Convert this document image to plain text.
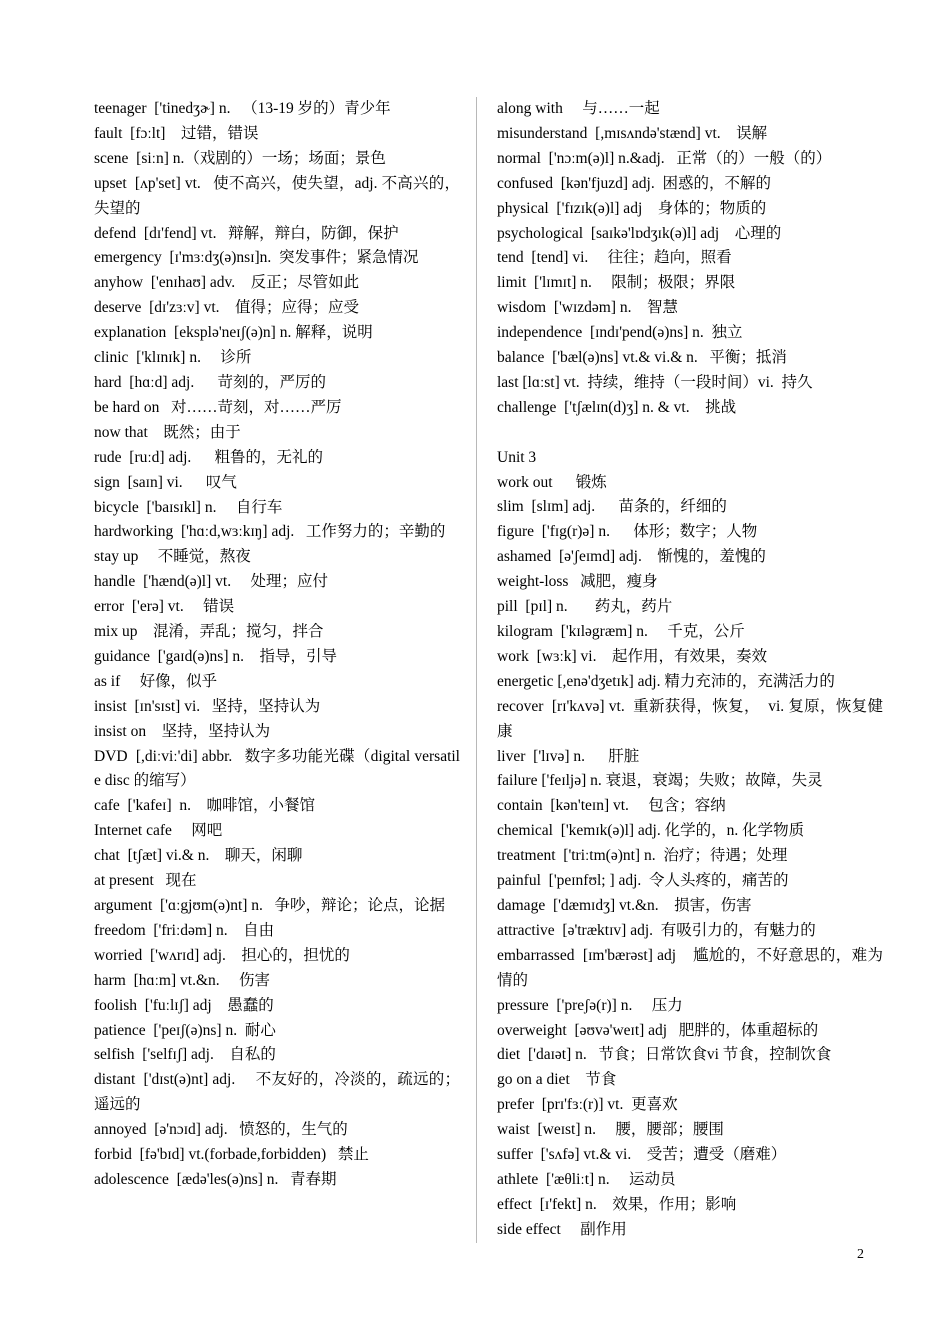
teenager  ['tinedʒɚ] n.   （13-19 岁的）青少年
fault  [fɔːlt]    过错，错误
scene  [siːn] n.（戏剧的）一场；场面；景色
upset  [ʌp'set] vt.   使不高兴，使失望，adj. 不高兴的，失望的
defend  [dɪ'fend] vt.   辩解，辩白，防御，保护
emergency  [ɪ'mɜːdʒ(ə)nsɪ]n.  突发事件；紧急情况
anyhow  ['enɪhaʊ] adv.    反正；尽管如此
deserve  [dɪ'zɜːv] vt.    值得；应得；应受
explanation  [eksplə'neɪʃ(ə)n] n. 解释，说明
clinic  ['klɪnɪk] n.     诊所
hard  [hɑːd] adj.      苛刻的，严厉的
be hard on   对……苛刻，对……严厉
now that    既然；由于
rude  [ruːd] adj.      粗鲁的，无礼的
sign  [saɪn] vi.      叹气
bicycle  ['baɪsɪkl] n.     自行车
hardworking  ['hɑːd,wɜːkɪŋ] adj.   工作努力的；辛勤的
stay up     不睡觉，熬夜
handle  ['hænd(ə)l] vt.     处理；应付
error  ['erə] vt.     错误
mix up    混淆，弄乱；搅匀，拌合
guidance  ['gaɪd(ə)ns] n.    指导，引导
as if     好像，似乎
insist  [ɪn'sɪst] vi.   坚持，坚持认为
insist on    坚持，坚持认为
DVD  [,diːviː'di] abbr.   数字多功能光碟（digital versatile disc 的缩写）
cafe  ['kafeɪ]  n.    咖啡馆，小餐馆
Internet cafe     网吧
chat  [tʃæt] vi.& n.    聊天，闲聊
at present   现在
argument  ['ɑːgjʊm(ə)nt] n.   争吵，辩论；论点，论据
freedom  ['friːdəm] n.    自由
worried  ['wʌrɪd] adj.    担心的，担忧的
harm  [hɑːm] vt.&n.     伤害
foolish  ['fuːlɪʃ] adj    愚蠢的
patience  ['peɪʃ(ə)ns] n.  耐心
selfish  ['selfɪʃ] adj.    自私的
distant  ['dɪst(ə)nt] adj.     不友好的，冷淡的，疏远的；遥远的
annoyed  [ə'nɔɪd] adj.   愤怒的，生气的
forbid  [fə'bɪd] vt.(forbade,forbidden)   禁止
adolescence  [ædə'les(ə)ns] n.   青春期
along with     与……一起
misunderstand  [,mɪsʌndə'stænd] vt.    误解
normal  ['nɔːm(ə)l] n.&adj.   正常（的）一般（的）
confused  [kən'fjuzd] adj.  困惑的，不解的
physical  ['fɪzɪk(ə)l] adj    身体的；物质的
psychological  [saɪkə'lɒdʒɪk(ə)l] adj    心理的
tend  [tend] vi.     往往；趋向，照看
limit  ['lɪmɪt] n.     限制；极限；界限
wisdom  ['wɪzdəm] n.    智慧
independence  [ɪndɪ'pend(ə)ns] n.  独立
balance  ['bæl(ə)ns] vt.& vi.& n.   平衡；抵消
last [lɑːst] vt.  持续，维持（一段时间）vi.  持久
challenge  ['tʃælɪn(d)ʒ] n. & vt.    挑战
Unit 3
work out      锻炼
slim  [slɪm] adj.      苗条的，纤细的
figure  ['fɪg(r)ə] n.      体形；数字；人物
ashamed  [ə'ʃeɪmd] adj.    惭愧的，羞愧的
weight-loss   减肥，瘦身
pill  [pɪl] n.       药丸，药片
kilogram  ['kɪləgræm] n.     千克，公斤
work  [wɜːk] vi.    起作用，有效果，奏效
energetic [,enə'dʒetɪk] adj. 精力充沛的，充满活力的
recover  [rɪ'kʌvə] vt.  重新获得，恢复，  vi. 复原，恢复健康
liver  ['lɪvə] n.      肝脏
failure ['feɪljə] n. 衰退，衰竭；失败；故障，失灵
contain  [kən'teɪn] vt.     包含；容纳
chemical  ['kemɪk(ə)l] adj. 化学的，n. 化学物质
treatment  ['triːtm(ə)nt] n.  治疗；待遇；处理
painful  ['peɪnfʊl; ] adj.  令人头疼的，痛苦的
damage  ['dæmɪdʒ] vt.&n.    损害，伤害
attractive  [ə'træktɪv] adj.  有吸引力的，有魅力的
embarrassed  [ɪm'bærəst] adj    尴尬的，不好意思的，难为情的
pressure  ['preʃə(r)] n.     压力
overweight  [əʊvə'weɪt] adj   肥胖的，体重超标的
diet  ['daɪət] n.   节食；日常饮食vi 节食，控制饮食
go on a diet    节食
prefer  [prɪ'fɜː(r)] vt.  更喜欢
waist  [weɪst] n.     腰，腰部；腰围
suffer  ['sʌfə] vt.& vi.    受苦；遭受（磨难）
athlete  ['æθliːt] n.     运动员
effect  [ɪ'fekt] n.    效果，作用；影响
side effect     副作用
2
